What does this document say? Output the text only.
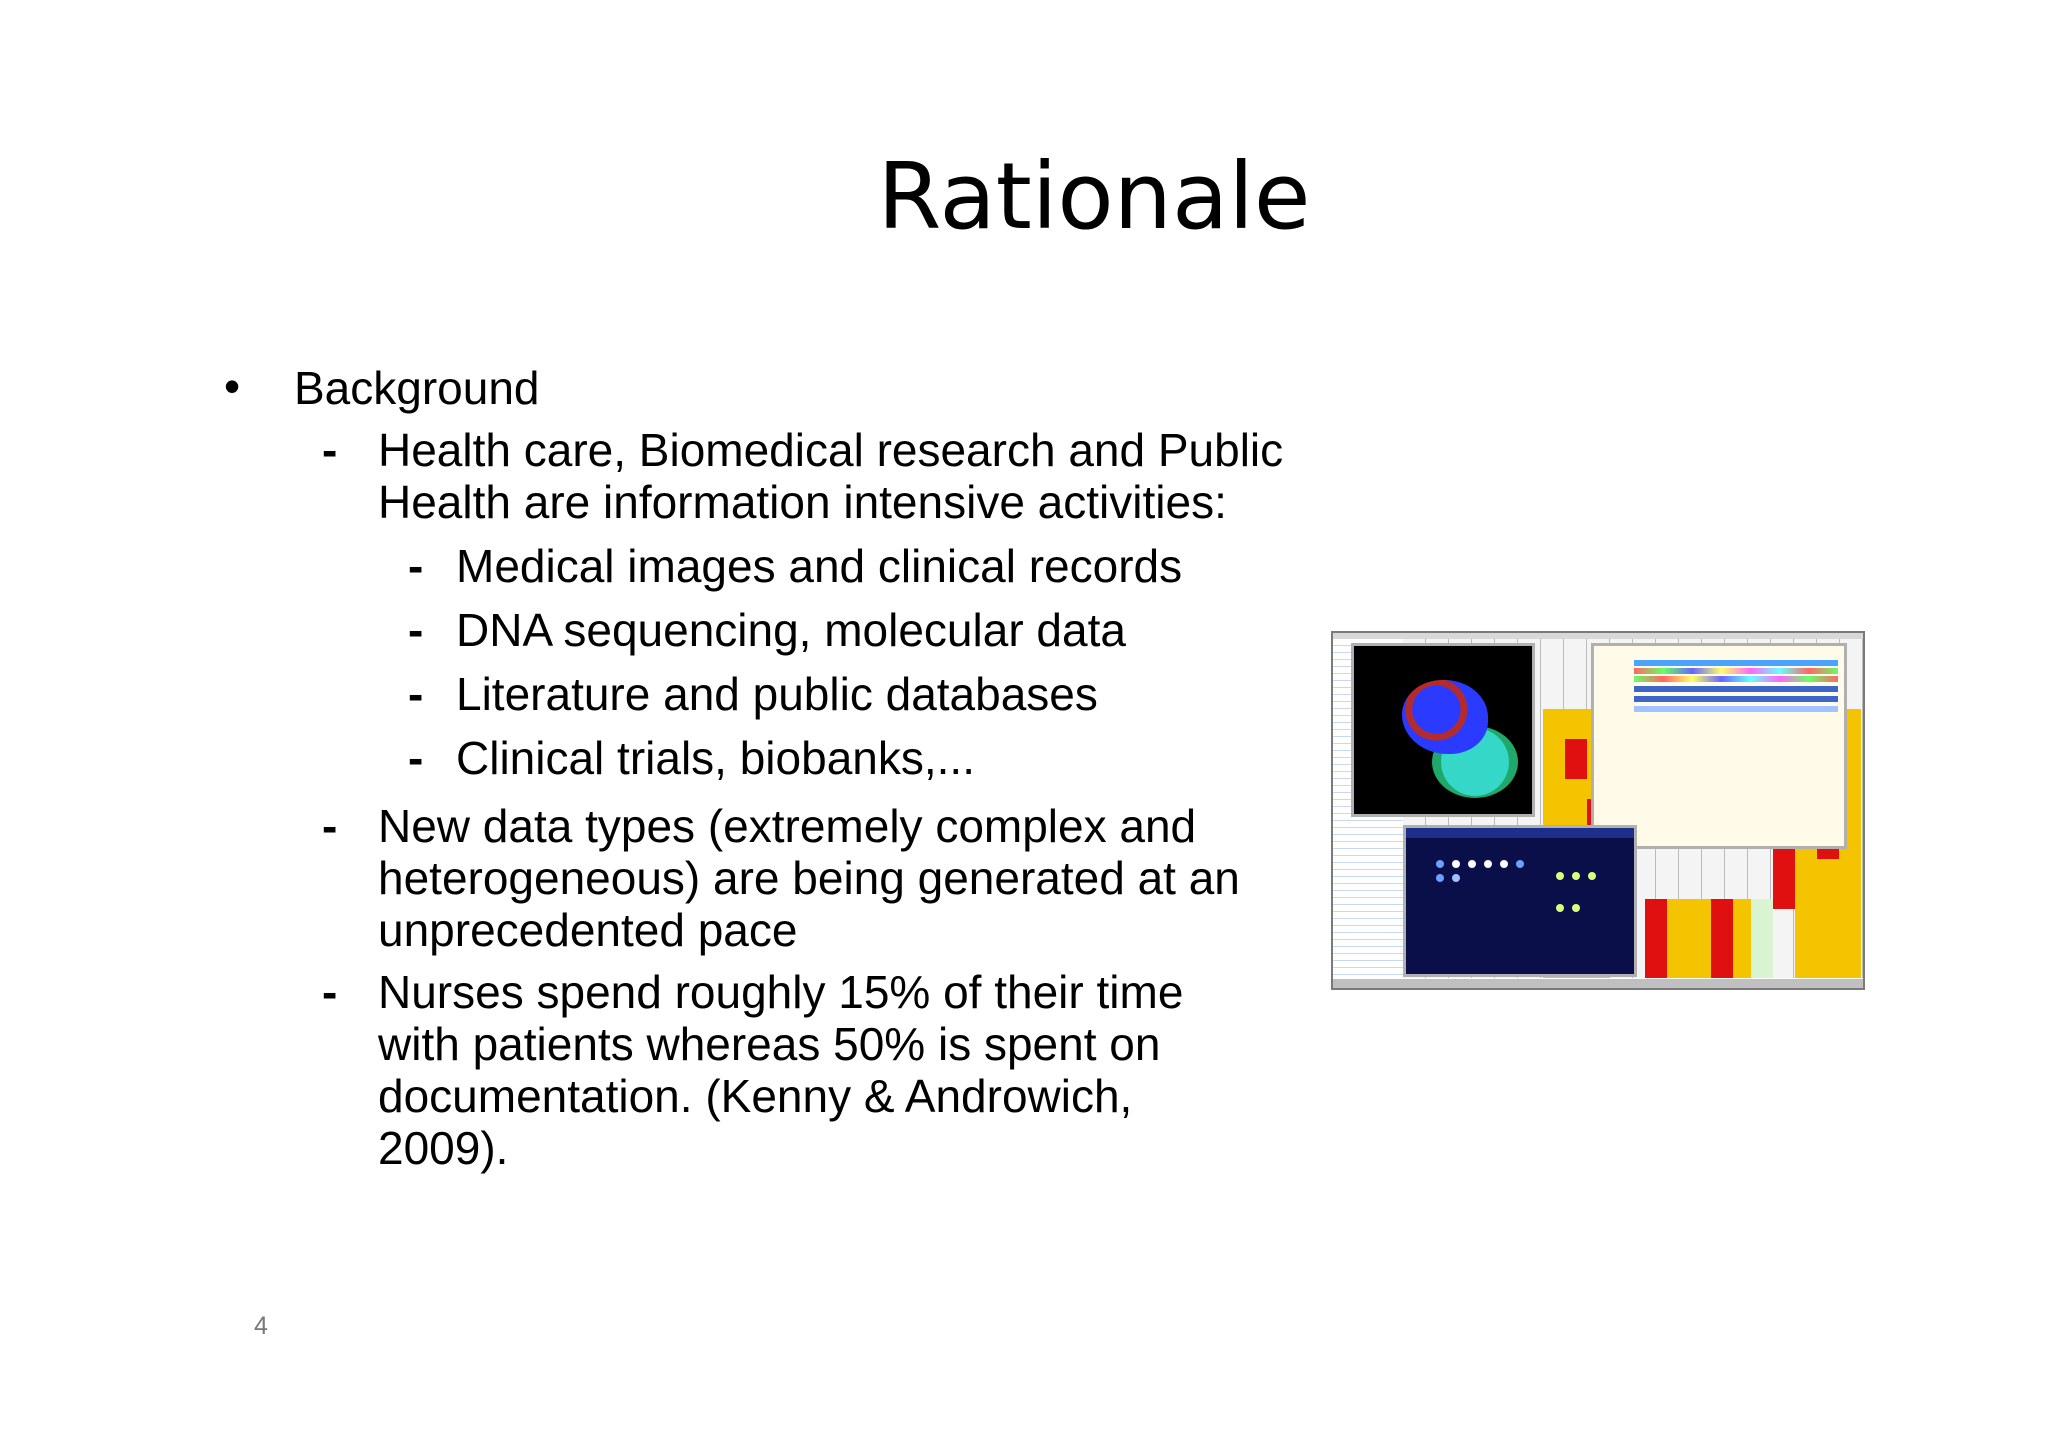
Rationale
• Background
- Health care, Biomedical research and Public
Health are information intensive activities:
- Medical images and clinical records
- DNA sequencing, molecular data
- Literature and public databases
- Clinical trials, biobanks,...
- New data types (extremely complex and
heterogeneous) are being generated at an
unprecedented pace
- Nurses spend roughly 15% of their time
with patients whereas 50% is spent on
documentation. (Kenny & Androwich,
2009).
4
